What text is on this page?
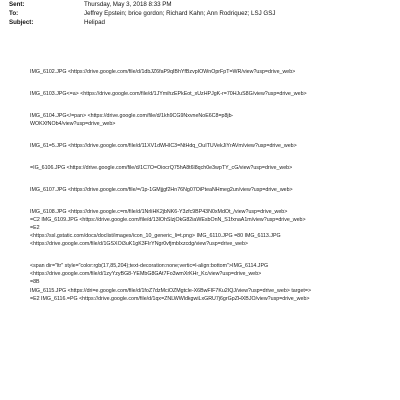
Sent:	Thursday, May 3, 2018 8:33 PM
To:	Jeffrey Epstein; brice gordon; Richard Kahn; Ann Rodriquez; LSJ GSJ
Subject:	Helipad
IMG_6102.JPG <https://drive.google.com/file/d/1dbJZ6faP9qIBhYfBzvpIOWnOprFpT=WR/view?usp=drive_web>
IMG_6103.JPG<=a> <https://drive.google.com/file/d/1JYmihzEPkEot_xUzHPJgK-r=70HJuS8G/view?usp=drive_web>
IMG_6104.JPG</=pan> <https://drive.google.com/file/d/1kh9CG9NxvneNoE6C8=p8jb-
WOKXfNOb4/view?usp=drive_web>
IMG_61=5.JPG <https://drive.google.com/file/d/11XV1dWHIC3=NtHdq_OuITUVekJiYrAVm/view?usp=drive_web>
=IG_6106.JPG <https://drive.google.com/file/d/1C7O=OiocrQ75hA8t6l8qch0e3wpTY_cG/view?usp=drive_web>
IMG_6107.JPG <https://drive.google.com/file/=/1p-1GMjjgf2Hn76Ng07OiPteaNHmeg2un/view?usp=drive_web>
IMG_6108.JPG <https://drive.google.c=m/file/d/1NrliHK2jbNK6-Y3zfc9BP43N0xMdOt_/view?usp=drive_web>
=C2 IMG_6109.JPG <https://drive.google.com/file/d/13lOhSlzjOkG82iaWEsbOnN_S1fxnaA1m/view?usp=drive_web>
=E2
<https://ssl.gstatic.com/docs/doclist/images/icon_10_generic_li=t.png> IMG_6110.JPG =80 IMG_6113.JPG
<https://drive.google.com/file/d/1GSXOi3uK1gK3FIrYNgr0vfjmbIxzcdg/view?usp=drive_web>
<span dir="ltr" style="color:rgb(17,85,204);text-decoration:none;vertic=l-align:bottom">IMG_6114.JPG
<https://drive.google.com/file/d/1zyYzyBG8-YEMbG8GAt7Fo3wmXrKHr_Kc/view?usp=drive_web>
=8B
IMG_6115.JPG <https://dri=e.google.com/file/d/1foZ7dzMciOZMgtcle-X6BwFIF7Ku2IQJ/view?usp=drive_web> target=>
=E2 IMG_6116.=PG <https://drive.google.com/file/d/1qx=ZNLWWldkgwiLxGRU7j6grGpZHXBJO/view?usp=drive_web>
